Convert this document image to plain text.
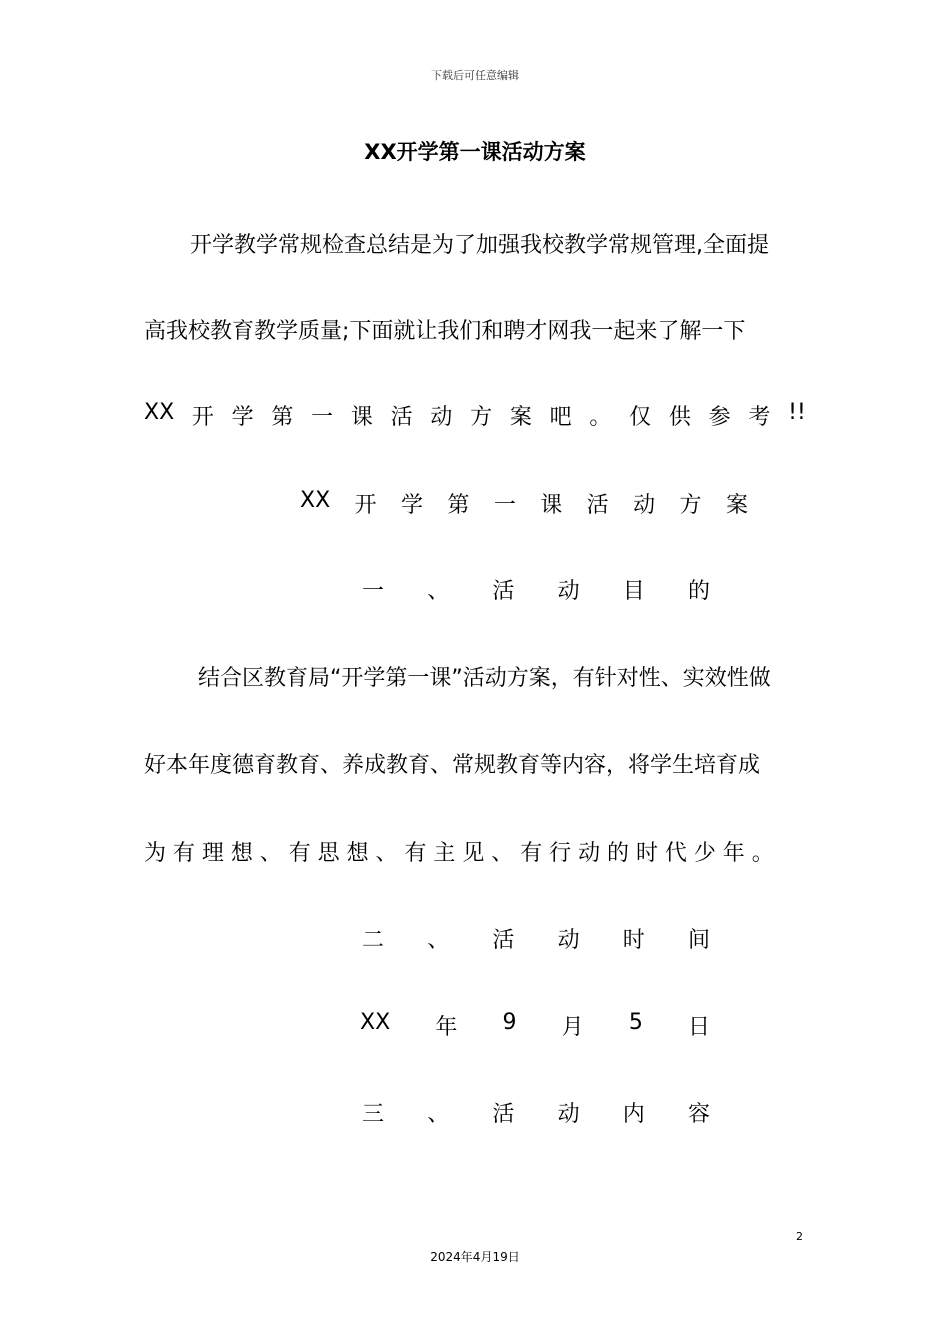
下载后可任意编辑
XX开学第一课活动方案
开学教学常规检查总结是为了加强我校教学常规管理,全面提
高我校教育教学质量;下面就让我们和聘才网我一起来了解一下
XX 开 学 第 一 课 活 动 方 案 吧 。 仅 供 参 考 !!
XX 开 学 第 一 课 活 动 方 案
一 、 活 动 目 的
结合区教育局“开学第一课”活动方案，有针对性、实效性做
好本年度德育教育、养成教育、常规教育等内容，将学生培育成
为 有 理 想 、 有 思 想 、 有 主 见 、 有 行 动 的 时 代 少 年 。
二 、 活 动 时 间
XX 年 9 月 5 日
三 、 活 动 内 容
2
2024年4月19日
